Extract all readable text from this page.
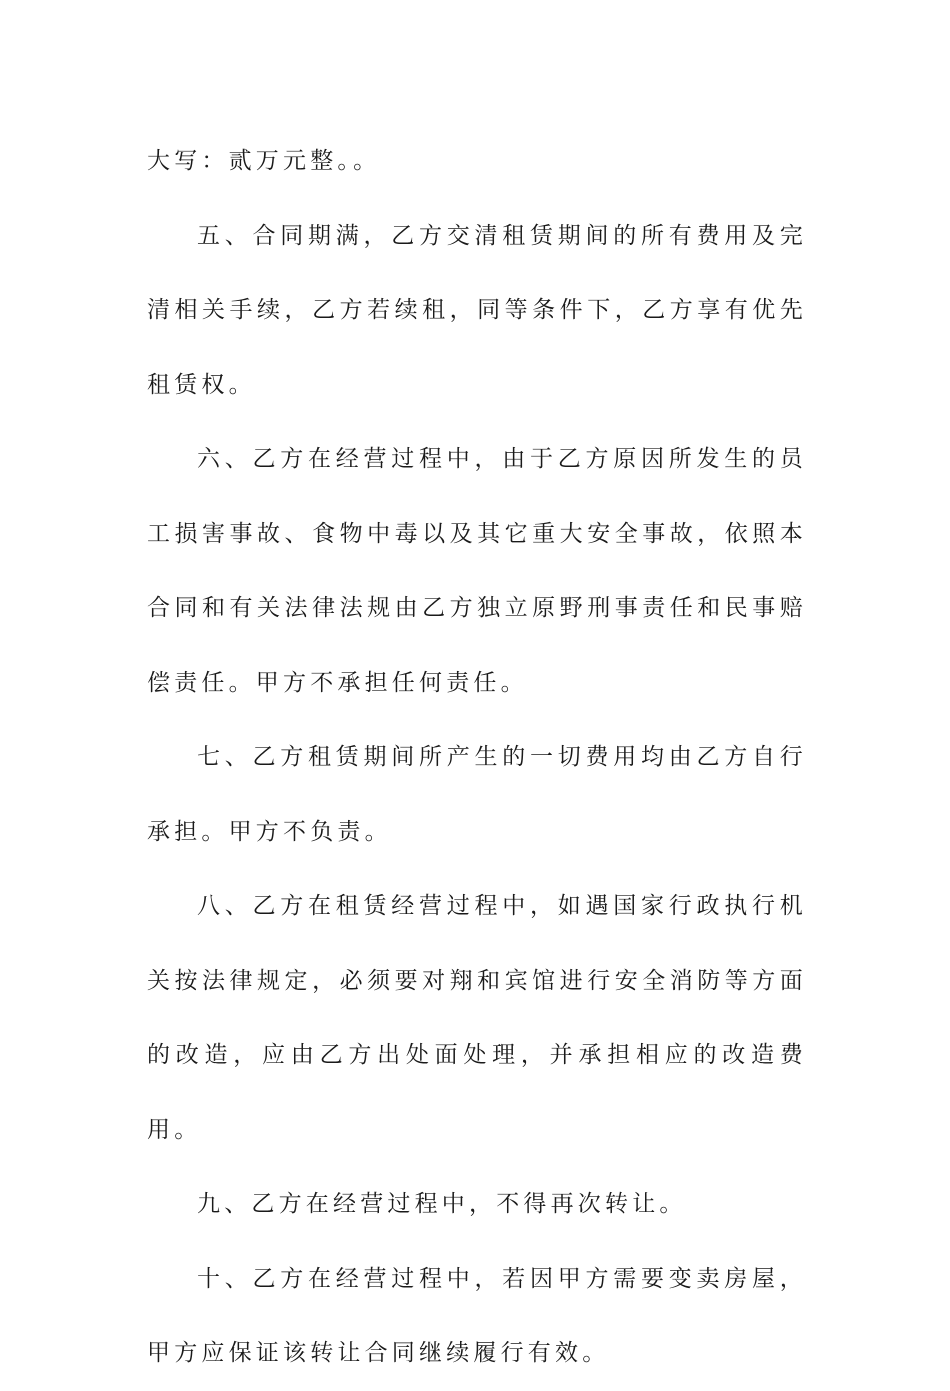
大写：贰万元整。。

五、合同期满，乙方交清租赁期间的所有费用及完清相关手续，乙方若续租，同等条件下，乙方享有优先租赁权。

六、乙方在经营过程中，由于乙方原因所发生的员工损害事故、食物中毒以及其它重大安全事故，依照本合同和有关法律法规由乙方独立原野刑事责任和民事赔偿责任。甲方不承担任何责任。

七、乙方租赁期间所产生的一切费用均由乙方自行承担。甲方不负责。

八、乙方在租赁经营过程中，如遇国家行政执行机关按法律规定，必须要对翔和宾馆进行安全消防等方面的改造，应由乙方出处面处理，并承担相应的改造费用。

九、乙方在经营过程中，不得再次转让。

十、乙方在经营过程中，若因甲方需要变卖房屋，甲方应保证该转让合同继续履行有效。
